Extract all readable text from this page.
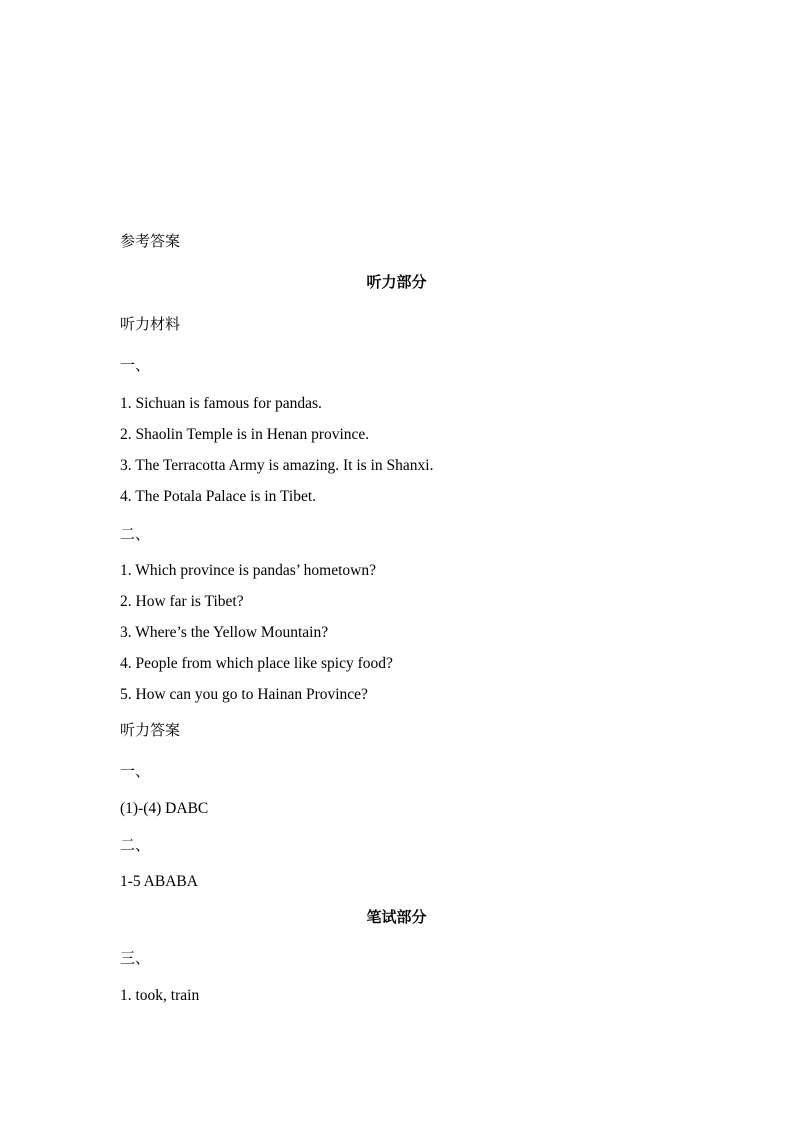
参考答案
听力部分
听力材料
一、
1. Sichuan is famous for pandas.
2. Shaolin Temple is in Henan province.
3. The Terracotta Army is amazing. It is in Shanxi.
4. The Potala Palace is in Tibet.
二、
1. Which province is pandas’ hometown?
2. How far is Tibet?
3. Where’s the Yellow Mountain?
4. People from which place like spicy food?
5. How can you go to Hainan Province?
听力答案
一、
(1)-(4) DABC
二、
1-5 ABABA
笔试部分
三、
1. took, train
